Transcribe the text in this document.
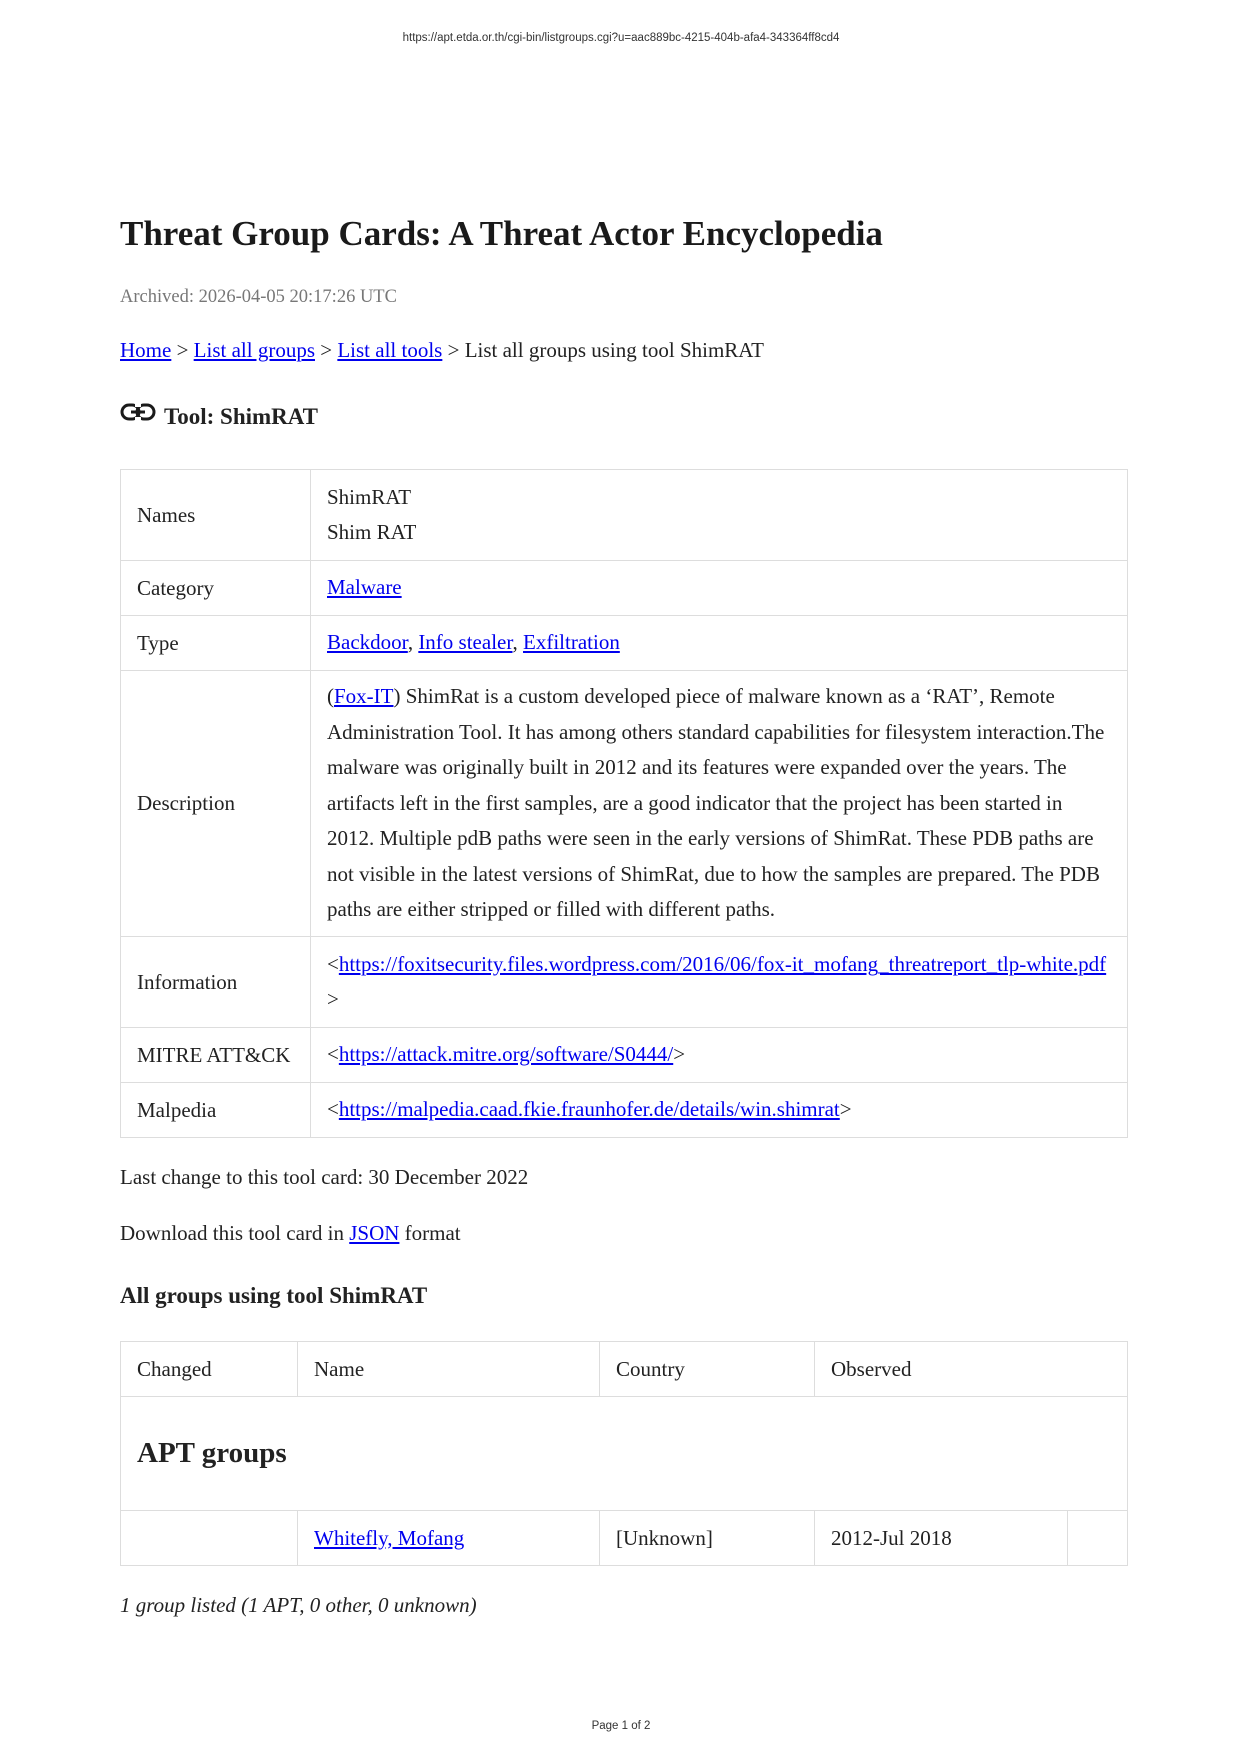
https://apt.etda.or.th/cgi-bin/listgroups.cgi?u=aac889bc-4215-404b-afa4-343364ff8cd4
Threat Group Cards: A Threat Actor Encyclopedia
Archived: 2026-04-05 20:17:26 UTC
Home > List all groups > List all tools > List all groups using tool ShimRAT
Tool: ShimRAT
Names	ShimRAT
Shim RAT

Category	Malware
Type	Backdoor, Info stealer, Exfiltration
Description	(Fox-IT) ShimRat is a custom developed piece of malware known as a ‘RAT’, Remote Administration Tool. It has among others standard capabilities for filesystem interaction.The malware was originally built in 2012 and its features were expanded over the years. The artifacts left in the first samples, are a good indicator that the project has been started in 2012. Multiple pdB paths were seen in the early versions of ShimRat. These PDB paths are not visible in the latest versions of ShimRat, due to how the samples are prepared. The PDB paths are either stripped or filled with different paths.
Information	<https://foxitsecurity.files.wordpress.com/2016/06/fox-it_mofang_threatreport_tlp-white.pdf>
MITRE ATT&CK	<https://attack.mitre.org/software/S0444/>
Malpedia	<https://malpedia.caad.fkie.fraunhofer.de/details/win.shimrat>
Last change to this tool card: 30 December 2022
Download this tool card in JSON format
All groups using tool ShimRAT
Changed	Name	Country	Observed	
APT groups				
	Whitefly, Mofang	[Unknown]	2012-Jul 2018	
1 group listed (1 APT, 0 other, 0 unknown)
Page 1 of 2
